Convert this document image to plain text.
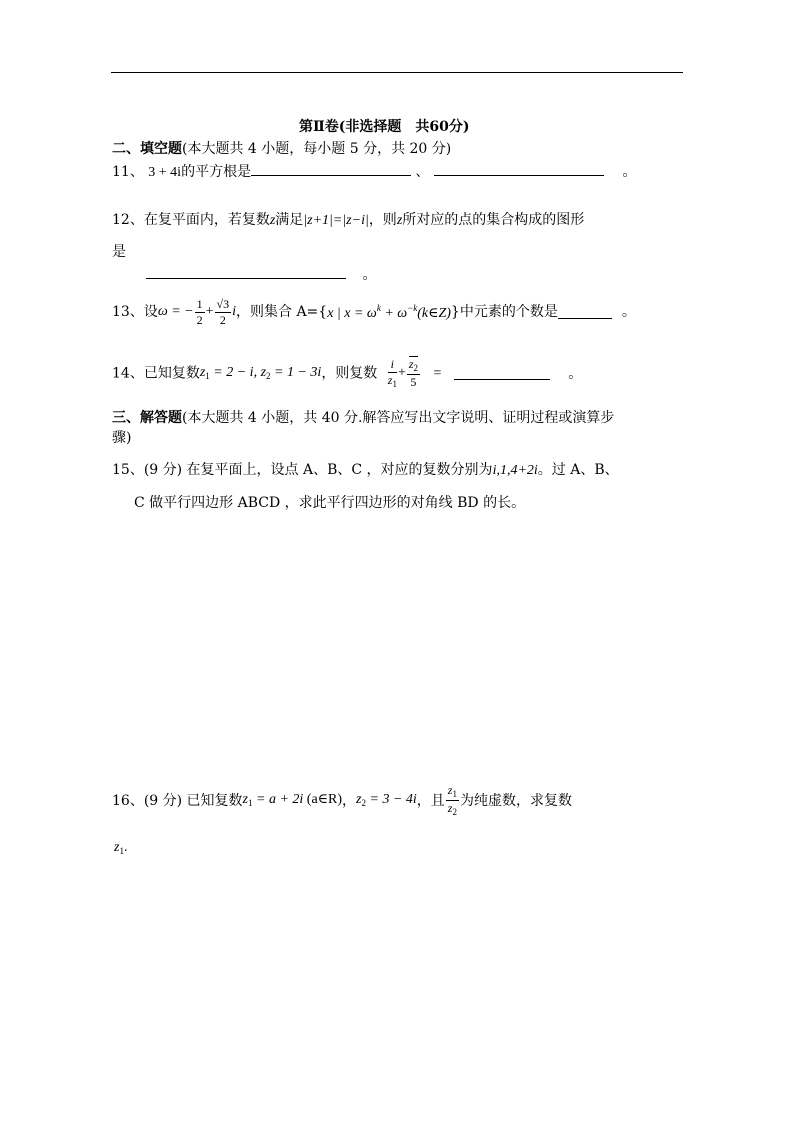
第Ⅱ卷(非选择题　共60分)
二、填空题(本大题共 4 小题，每小题 5 分，共 20 分)
11、 3 + 4i的平方根是	、	。
12、在复平面内，若复数z满足|z+1|=|z−i|，则z所对应的点的集合构成的图形
是
。
13、设ω = − $\frac{1}{2} + \frac{√3}{2}$ i，则集合 A={x | $x = \omega^k$ + $\omega^{-k}(k\in Z)$}中元素的个数是	。
14、已知复数$z_1 = 2 - i$, $z_2 = 1 - 3i$，则复数 $\frac{i}{z_1} + \frac{z_2}{5}$ =	。
三、解答题(本大题共 4 小题，共 40 分.解答应写出文字说明、证明过程或演算步
骤)
15、(9 分) 在复平面上，设点 A、B、C ，对应的复数分别为i,1,4+2i。过 A、B、
C 做平行四边形 ABCD ，求此平行四边形的对角线 BD 的长。
16、(9 分) 已知复数$z_1 = a + 2i$ (a∈R)，$z_2 = 3 - 4i$，且 $\frac{z_1}{z_2}$ 为纯虚数，求复数
$z_1$.
